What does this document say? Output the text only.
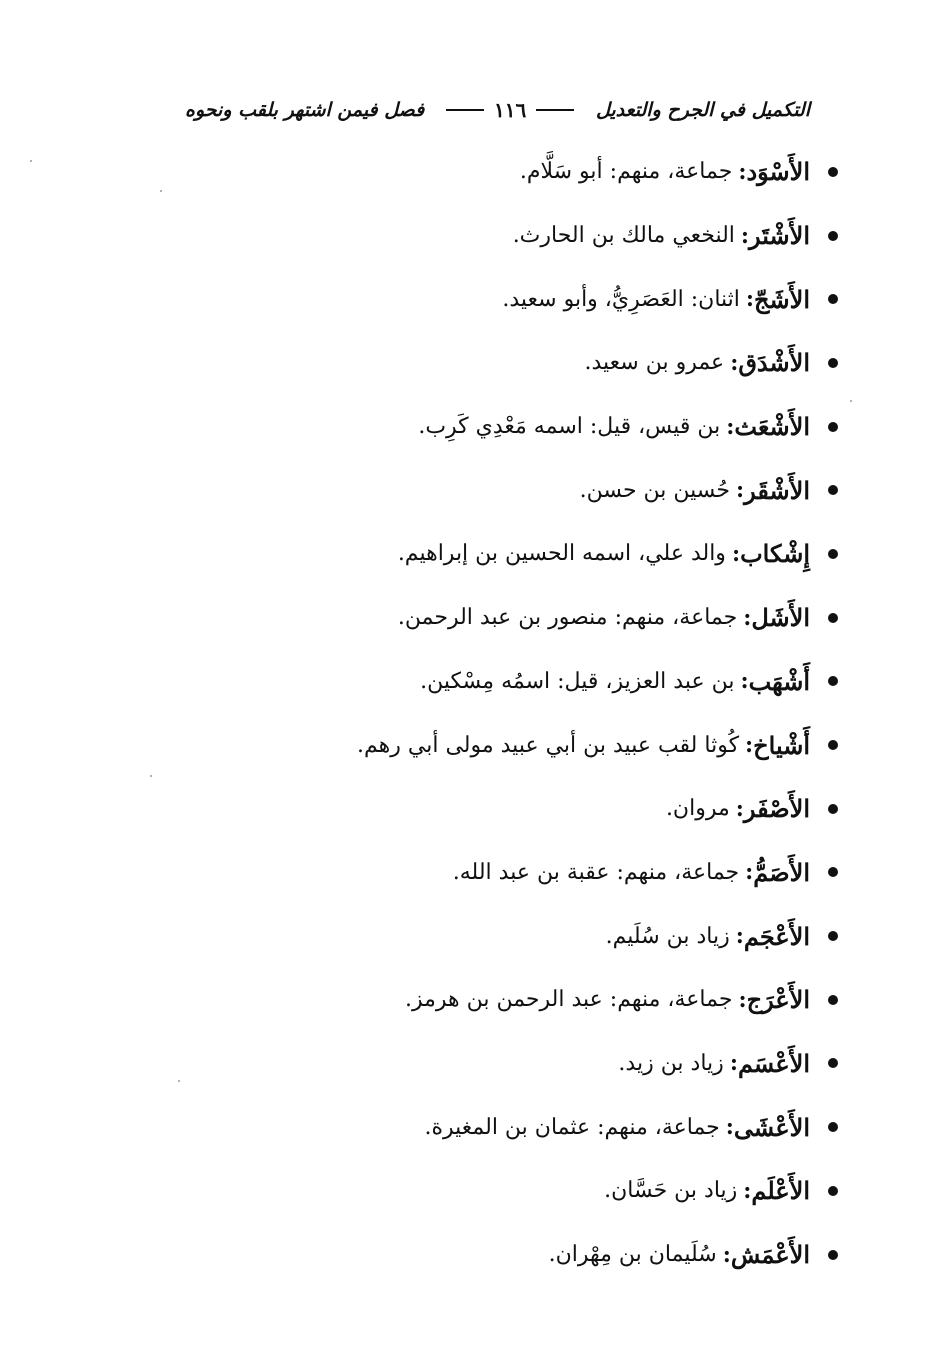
التكميل في الجرح والتعديل
١١٦
فصل فيمن اشتهر بلقب ونحوه
الأَسْوَد
:
جماعة، منهم: أبو سَلَّام.
الأَشْتَر
:
النخعي مالك بن الحارث.
الأَشَجّ
:
اثنان: العَصَرِيُّ، وأبو سعيد.
الأَشْدَق
:
عمرو بن سعيد.
الأَشْعَث
:
بن قيس، قيل: اسمه مَعْدِي كَرِب.
الأَشْقَر
:
حُسين بن حسن.
إِشْكاب
:
والد علي، اسمه الحسين بن إبراهيم.
الأَشَل
:
جماعة، منهم: منصور بن عبد الرحمن.
أَشْهَب
:
بن عبد العزيز، قيل: اسمُه مِسْكين.
أَشْياخ
:
كُوثا لقب عبيد بن أبي عبيد مولى أبي رهم.
الأَصْفَر
:
مروان.
الأَصَمُّ
:
جماعة، منهم: عقبة بن عبد الله.
الأَعْجَم
:
زياد بن سُلَيم.
الأَعْرَج
:
جماعة، منهم: عبد الرحمن بن هرمز.
الأَعْسَم
:
زياد بن زيد.
الأَعْشَى
:
جماعة، منهم: عثمان بن المغيرة.
الأَعْلَم
:
زياد بن حَسَّان.
الأَعْمَش
:
سُلَيمان بن مِهْران.
